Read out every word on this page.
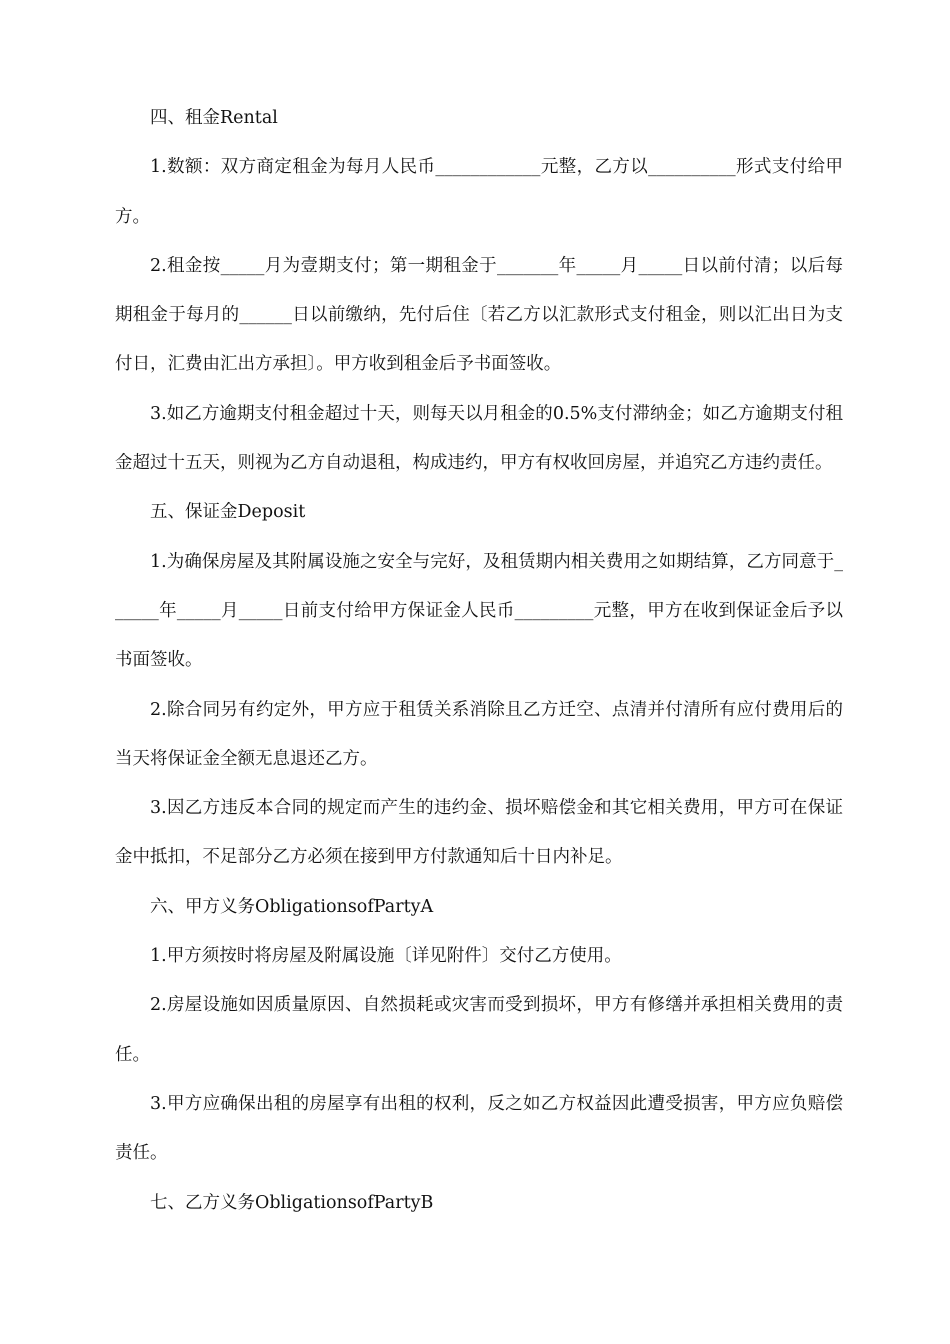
四、租金Rental

1.数额：双方商定租金为每月人民币____________元整，乙方以__________形式支付给甲方。

2.租金按_____月为壹期支付；第一期租金于_______年_____月_____日以前付清；以后每期租金于每月的______日以前缴纳，先付后住〔若乙方以汇款形式支付租金，则以汇出日为支付日，汇费由汇出方承担〕。甲方收到租金后予书面签收。

3.如乙方逾期支付租金超过十天，则每天以月租金的0.5%支付滞纳金；如乙方逾期支付租金超过十五天，则视为乙方自动退租，构成违约，甲方有权收回房屋，并追究乙方违约责任。

五、保证金Deposit

1.为确保房屋及其附属设施之安全与完好，及租赁期内相关费用之如期结算，乙方同意于______年_____月_____日前支付给甲方保证金人民币_________元整，甲方在收到保证金后予以书面签收。

2.除合同另有约定外，甲方应于租赁关系消除且乙方迁空、点清并付清所有应付费用后的当天将保证金全额无息退还乙方。

3.因乙方违反本合同的规定而产生的违约金、损坏赔偿金和其它相关费用，甲方可在保证金中抵扣，不足部分乙方必须在接到甲方付款通知后十日内补足。

六、甲方义务ObligationsofPartyA

1.甲方须按时将房屋及附属设施〔详见附件〕交付乙方使用。

2.房屋设施如因质量原因、自然损耗或灾害而受到损坏，甲方有修缮并承担相关费用的责任。

3.甲方应确保出租的房屋享有出租的权利，反之如乙方权益因此遭受损害，甲方应负赔偿责任。

七、乙方义务ObligationsofPartyB
